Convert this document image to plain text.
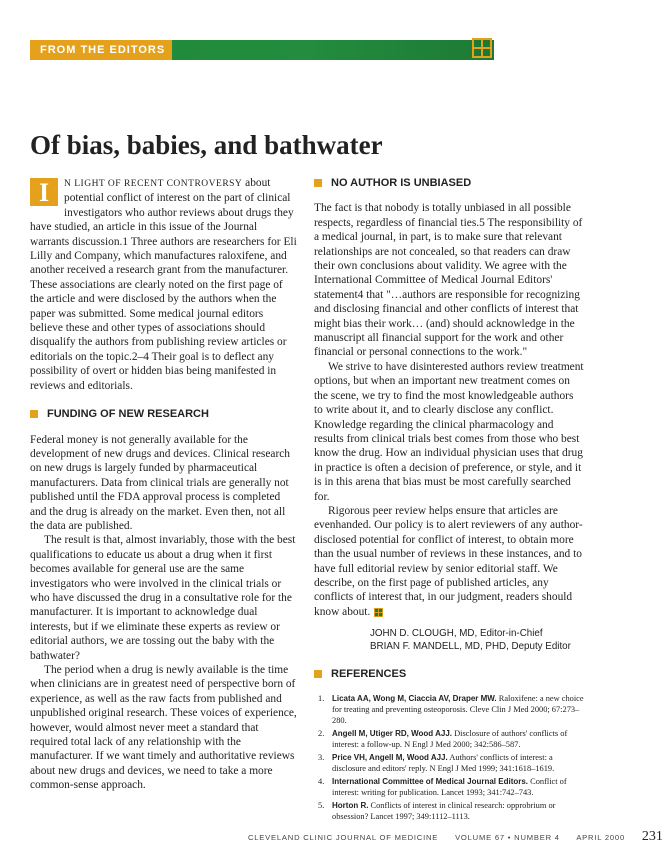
FROM THE EDITORS
Of bias, babies, and bathwater

I	N LIGHT OF RECENT CONTROVERSY about potential conflict of interest on the part of clinical investigators who author reviews about drugs they have studied, an article in this issue of the Journal warrants discussion.1 Three authors are researchers for Eli Lilly and Company, which manufactures raloxifene, and another received a research grant from the manufacturer. These associations are clearly noted on the first page of the article and were disclosed by the authors when the paper was submitted. Some medical journal editors believe these and other types of associations should disqualify the authors from publishing review articles or editorials on the topic.2–4 Their goal is to deflect any possibility of overt or hidden bias being manifested in reviews and editorials.

FUNDING OF NEW RESEARCH

Federal money is not generally available for the development of new drugs and devices. Clinical research on new drugs is largely funded by pharmaceutical manufacturers. Data from clinical trials are generally not published until the FDA approval process is completed and the drug is already on the market. Even then, not all the data are published.

The result is that, almost invariably, those with the best qualifications to educate us about a drug when it first becomes available for general use are the same investigators who were involved in the clinical trials or who have discussed the drug in a consultative role for the manufacturer. It is important to acknowledge dual interests, but if we eliminate these experts as review or editorial authors, we are tossing out the baby with the bathwater?

The period when a drug is newly available is the time when clinicians are in greatest need of perspective born of experience, as well as the raw facts from published and unpublished original research. These voices of experience, however, would almost never meet a standard that required total lack of any relationship with the manufacturer. If we want timely and authoritative reviews about new drugs and devices, we need to take a more common-sense approach.

NO AUTHOR IS UNBIASED

The fact is that nobody is totally unbiased in all possible respects, regardless of financial ties.5 The responsibility of a medical journal, in part, is to make sure that relevant relationships are not concealed, so that readers can draw their own conclusions about validity. We agree with the International Committee of Medical Journal Editors' statement4 that "…authors are responsible for recognizing and disclosing financial and other conflicts of interest that might bias their work… (and) should acknowledge in the manuscript all financial support for the work and other financial or personal connections to the work."

We strive to have disinterested authors review treatment options, but when an important new treatment comes on the scene, we try to find the most knowledgeable authors to write about it, and to clearly disclose any conflict. Knowledge regarding the clinical pharmacology and results from clinical trials best comes from those who best know the drug. How an individual physician uses that drug in practice is often a decision of preference, or style, and it is in this arena that bias must be most carefully searched for.

Rigorous peer review helps ensure that articles are evenhanded. Our policy is to alert reviewers of any author-disclosed potential for conflict of interest, to obtain more than the usual number of reviews in these instances, and to have full editorial review by senior editorial staff. We describe, on the first page of published articles, any conflicts of interest that, in our judgment, readers should know about.

JOHN D. CLOUGH, MD, Editor-in-Chief
BRIAN F. MANDELL, MD, PHD, Deputy Editor
REFERENCES
1. Licata AA, Wong M, Ciaccia AV, Draper MW. Raloxifene: a new choice for treating and preventing osteoporosis. Cleve Clin J Med 2000; 67:273–280.
2. Angell M, Utiger RD, Wood AJJ. Disclosure of authors' conflicts of interest: a follow-up. N Engl J Med 2000; 342:586–587.
3. Price VH, Angell M, Wood AJJ. Authors' conflicts of interest: a disclosure and editors' reply. N Engl J Med 1999; 341:1618–1619.
4. International Committee of Medical Journal Editors. Conflict of interest: writing for publication. Lancet 1993; 341:742–743.
5. Horton R. Conflicts of interest in clinical research: opprobrium or obsession? Lancet 1997; 349:1112–1113.
CLEVELAND CLINIC JOURNAL OF MEDICINE VOLUME 67 • NUMBER 4 APRIL 2000 231
